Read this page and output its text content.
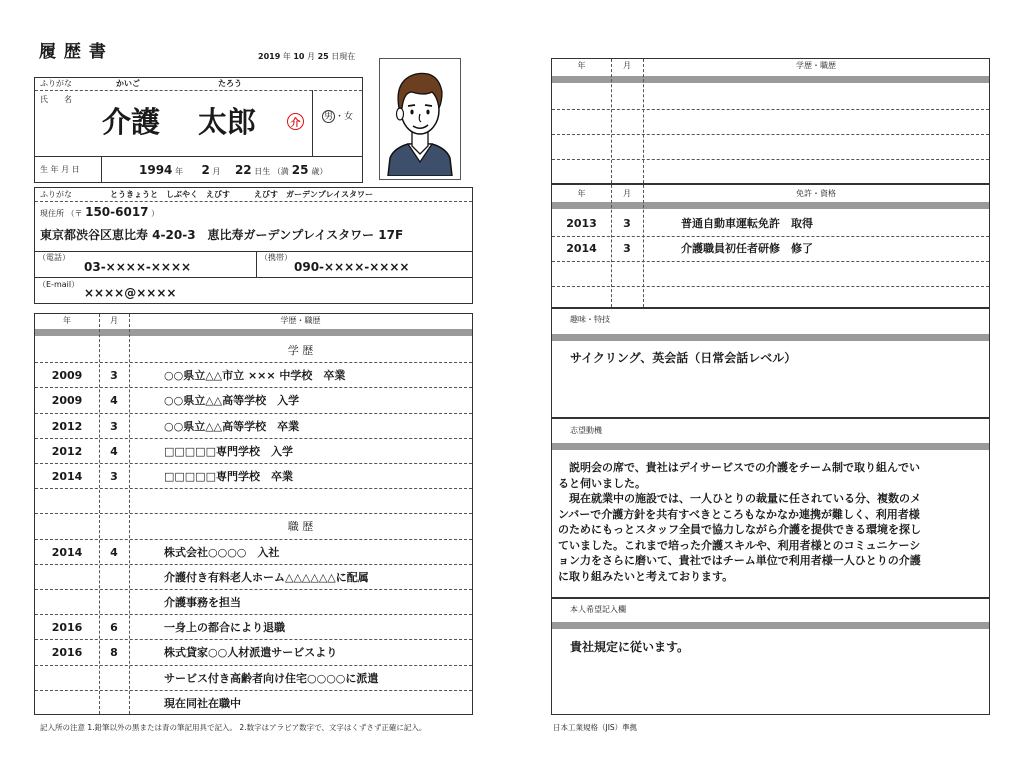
履 歴 書	2019 年 10 月 25 日現在
ふりがな	かいご	たろう
氏　　名
介護 太郎	介
男 ・女
生 年 月 日	1994 年 2 月 22 日生 （満 25 歳）
ふりがな	とうきょうと　しぶやく　えびす　　　えびす　ガーデンプレイスタワー
現住所 （〒 150-6017 ）
東京都渋谷区恵比寿 4-20-3　恵比寿ガーデンプレイスタワー 17F
（電話）
03-××××-××××
（携帯）
090-××××-××××
（E-mail）
××××@××××
年	月	学歴・職歴
学 歴
2009	3	○○県立△△市立 ××× 中学校　卒業
2009	4	○○県立△△高等学校　入学
2012	3	○○県立△△高等学校　卒業
2012	4	□□□□□専門学校　入学
2014	3	□□□□□専門学校　卒業
職 歴
2014	4	株式会社○○○○　入社
介護付き有料老人ホーム△△△△△△に配属
介護事務を担当
2016	6	一身上の都合により退職
2016	8	株式貸家○○人材派遣サービスより
サービス付き高齢者向け住宅○○○○に派遣
現在同社在職中
記入所の注意 1.鉛筆以外の黒または青の筆記用具で記入。 2.数字はアラビア数字で、文字はくずさず正確に記入。
年	月	学歴・職歴
年	月	免許・資格
2013	3	普通自動車運転免許　取得
2014	3	介護職員初任者研修　修了
趣味・特技
サイクリング、英会話（日常会話レベル）
志望動機
　説明会の席で、貴社はデイサービスでの介護をチーム制で取り組んでい
ると伺いました。
　現在就業中の施設では、一人ひとりの裁量に任されている分、複数のメ
ンバーで介護方針を共有すべきところもなかなか連携が難しく、利用者様
のためにもっとスタッフ全員で協力しながら介護を提供できる環境を探し
ていました。これまで培った介護スキルや、利用者様とのコミュニケーシ
ョン力をさらに磨いて、貴社ではチーム単位で利用者様一人ひとりの介護
に取り組みたいと考えております。
本人希望記入欄
貴社規定に従います。
日本工業規格（JIS）準拠
